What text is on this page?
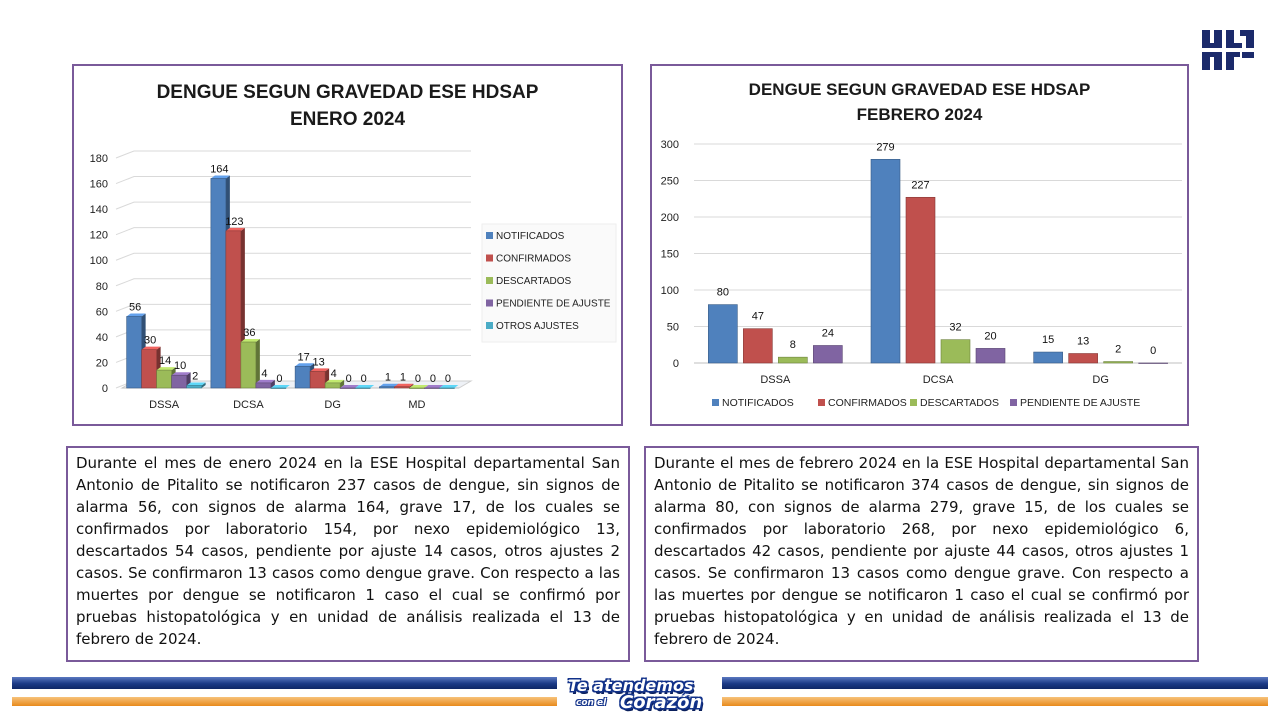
DENGUE SEGUN GRAVEDAD ESE HDSAP
ENERO 2024
0
20
40
60
80
100
120
140
160
180
DSSA
56
30
14 10
2
DCSA
164
123
36
4 0
DG
17 13
4 0 0
MD
1 1 0 0 0
NOTIFICADOS
CONFIRMADOS
DESCARTADOS
PENDIENTE DE AJUSTE
OTROS AJUSTES
DENGUE SEGUN GRAVEDAD ESE HDSAP
FEBRERO 2024
0
50
100
150
200
250
300
DSSA
80
47
8
24
DCSA
279
227
32
20
DG
15 13
2	0
NOTIFICADOS	CONFIRMADOS DESCARTADOS PENDIENTE DE AJUSTE
Durante el mes de enero 2024 en la ESE Hospital departamental San Antonio de Pitalito se notificaron 237 casos de dengue, sin signos de alarma 56, con signos de alarma 164, grave 17, de los cuales se confirmados por laboratorio 154, por nexo epidemiológico 13, descartados 54 casos, pendiente por ajuste 14 casos, otros ajustes 2 casos. Se confirmaron 13 casos como dengue grave. Con respecto a las muertes por dengue se notificaron 1 caso el cual se confirmó por pruebas histopatológica y en unidad de análisis realizada el 13 de febrero de 2024.
Durante el mes de febrero 2024 en la ESE Hospital departamental San Antonio de Pitalito se notificaron 374 casos de dengue, sin signos de alarma 80, con signos de alarma 279, grave 15, de los cuales se confirmados por laboratorio 268, por nexo epidemiológico 6, descartados 42 casos, pendiente por ajuste 44 casos, otros ajustes 1 casos. Se confirmaron 13 casos como dengue grave. Con respecto a las muertes por dengue se notificaron 1 caso el cual se confirmó por pruebas histopatológica y en unidad de análisis realizada el 13 de febrero de 2024.
Te atendemos
con el Corazón
